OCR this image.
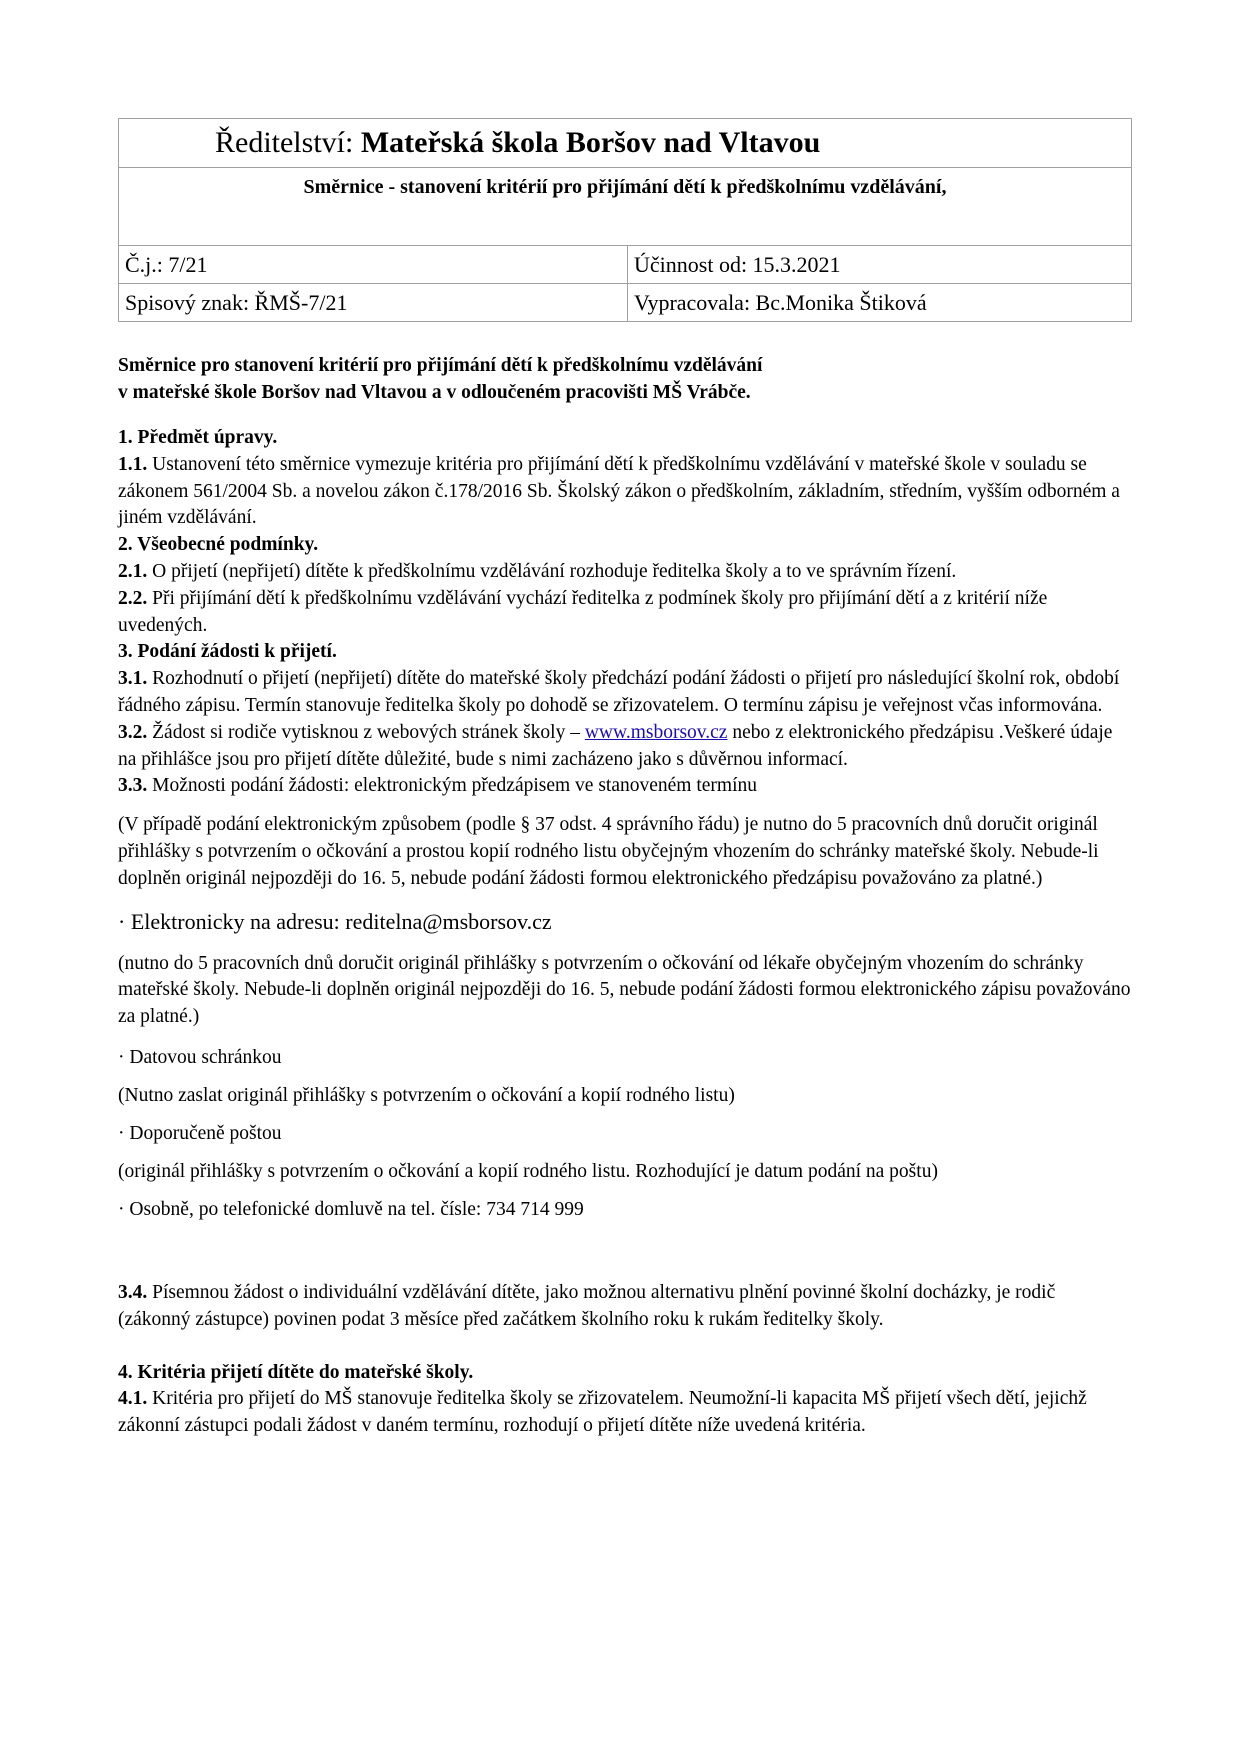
Ředitelství: Mateřská škola Boršov nad Vltavou	
Směrnice - stanovení kritérií pro přijímání dětí k předškolnímu vzdělávání,	
Č.j.: 7/21	Účinnost od: 15.3.2021
Spisový znak: ŘMŠ-7/21	Vypracovala: Bc.Monika Štiková

Směrnice pro stanovení kritérií pro přijímání dětí k předškolnímu vzdělávání

v mateřské škole Boršov nad Vltavou a v odloučeném pracovišti MŠ Vrábče.

1. Předmět úpravy.

1.1. Ustanovení této směrnice vymezuje kritéria pro přijímání dětí k předškolnímu vzdělávání v mateřské škole v souladu se zákonem 561/2004 Sb. a novelou zákon č.178/2016 Sb. Školský zákon o předškolním, základním, středním, vyšším odborném a jiném vzdělávání.

2. Všeobecné podmínky.

2.1. O přijetí (nepřijetí) dítěte k předškolnímu vzdělávání rozhoduje ředitelka školy a to ve správním řízení.

2.2. Při přijímání dětí k předškolnímu vzdělávání vychází ředitelka z podmínek školy pro přijímání dětí a z kritérií níže uvedených.

3. Podání žádosti k přijetí.

3.1. Rozhodnutí o přijetí (nepřijetí) dítěte do mateřské školy předchází podání žádosti o přijetí pro následující školní rok, období řádného zápisu. Termín stanovuje ředitelka školy po dohodě se zřizovatelem. O termínu zápisu je veřejnost včas informována.

3.2. Žádost si rodiče vytisknou z webových stránek školy – www.msborsov.cz nebo z elektronického předzápisu .Veškeré údaje na přihlášce jsou pro přijetí dítěte důležité, bude s nimi zacházeno jako s důvěrnou informací.

3.3. Možnosti podání žádosti: elektronickým předzápisem ve stanoveném termínu

(V případě podání elektronickým způsobem (podle § 37 odst. 4 správního řádu) je nutno do 5 pracovních dnů doručit originál přihlášky s potvrzením o očkování a prostou kopií rodného listu obyčejným vhozením do schránky mateřské školy. Nebude-li doplněn originál nejpozději do 16. 5, nebude podání žádosti formou elektronického předzápisu považováno za platné.)

· Elektronicky na adresu: reditelna@msborsov.cz

(nutno do 5 pracovních dnů doručit originál přihlášky s potvrzením o očkování od lékaře obyčejným vhozením do schránky mateřské školy. Nebude-li doplněn originál nejpozději do 16. 5, nebude podání žádosti formou elektronického zápisu považováno za platné.)

· Datovou schránkou

(Nutno zaslat originál přihlášky s potvrzením o očkování a kopií rodného listu)

· Doporučeně poštou

(originál přihlášky s potvrzením o očkování a kopií rodného listu. Rozhodující je datum podání na poštu)

· Osobně, po telefonické domluvě na tel. čísle: 734 714 999

3.4. Písemnou žádost o individuální vzdělávání dítěte, jako možnou alternativu plnění povinné školní docházky, je rodič (zákonný zástupce) povinen podat 3 měsíce před začátkem školního roku k rukám ředitelky školy.

4. Kritéria přijetí dítěte do mateřské školy.

4.1. Kritéria pro přijetí do MŠ stanovuje ředitelka školy se zřizovatelem. Neumožní-li kapacita MŠ přijetí všech dětí, jejichž zákonní zástupci podali žádost v daném termínu, rozhodují o přijetí dítěte níže uvedená kritéria.
